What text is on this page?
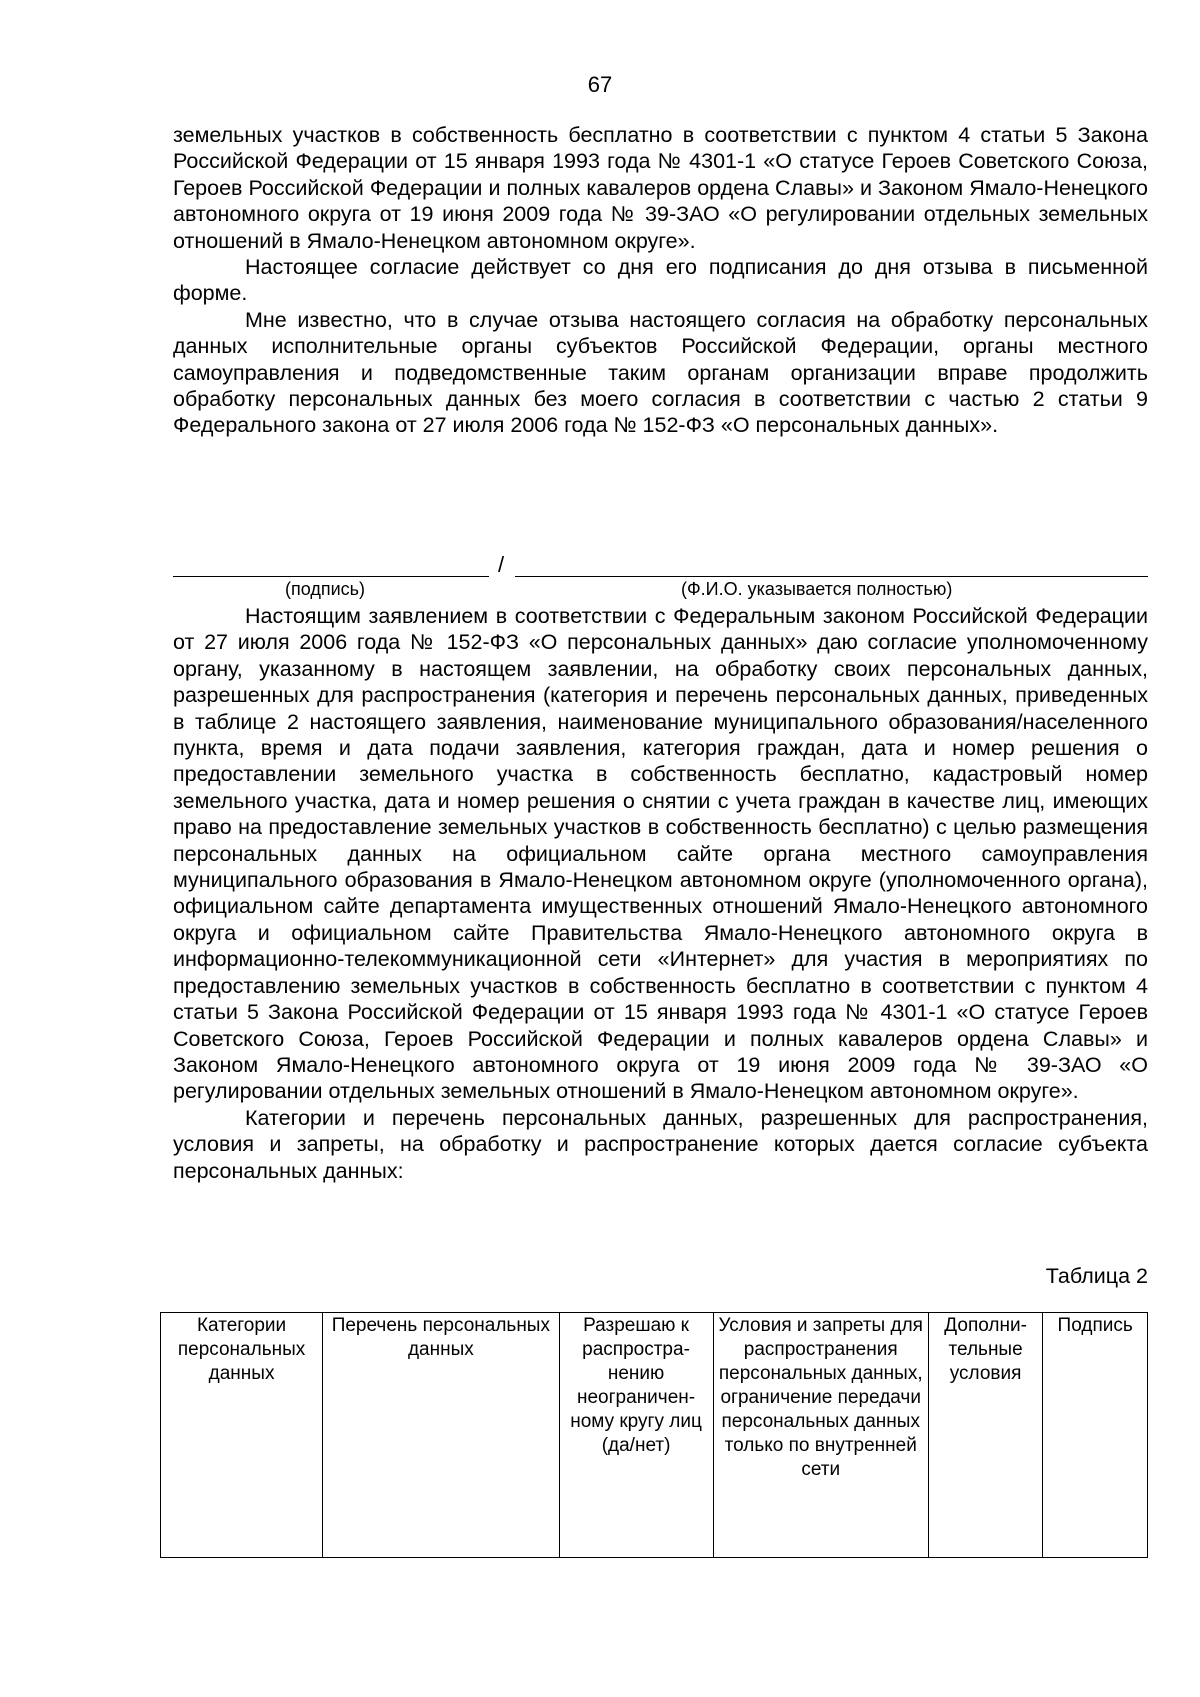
67

земельных участков в собственность бесплатно в соответствии с пунктом 4 статьи 5 Закона Российской Федерации от 15 января 1993 года № 4301-1 «О статусе Героев Советского Союза, Героев Российской Федерации и полных кавалеров ордена Славы» и Законом Ямало-Ненецкого автономного округа от 19 июня 2009 года № 39-ЗАО «О регулировании отдельных земельных отношений в Ямало-Ненецком автономном округе».

Настоящее согласие действует со дня его подписания до дня отзыва в письменной форме.

Мне известно, что в случае отзыва настоящего согласия на обработку персональных данных исполнительные органы субъектов Российской Федерации, органы местного самоуправления и подведомственные таким органам организации вправе продолжить обработку персональных данных без моего согласия в соответствии с частью 2 статьи 9 Федерального закона от 27 июля 2006 года № 152-ФЗ «О персональных данных».

/
(подпись)	(Ф.И.О. указывается полностью)

Настоящим заявлением в соответствии с Федеральным законом Российской Федерации от 27 июля 2006 года № 152-ФЗ «О персональных данных» даю согласие уполномоченному органу, указанному в настоящем заявлении, на обработку своих персональных данных, разрешенных для распространения (категория и перечень персональных данных, приведенных в таблице 2 настоящего заявления, наименование муниципального образования/населенного пункта, время и дата подачи заявления, категория граждан, дата и номер решения о предоставлении земельного участка в собственность бесплатно, кадастровый номер земельного участка, дата и номер решения о снятии с учета граждан в качестве лиц, имеющих право на предоставление земельных участков в собственность бесплатно) с целью размещения персональных данных на официальном сайте органа местного самоуправления муниципального образования в Ямало-Ненецком автономном округе (уполномоченного органа), официальном сайте департамента имущественных отношений Ямало-Ненецкого автономного округа и официальном сайте Правительства Ямало-Ненецкого автономного округа в информационно-телекоммуникационной сети «Интернет» для участия в мероприятиях по предоставлению земельных участков в собственность бесплатно в соответствии с пунктом 4 статьи 5 Закона Российской Федерации от 15 января 1993 года № 4301-1 «О статусе Героев Советского Союза, Героев Российской Федерации и полных кавалеров ордена Славы» и Законом Ямало-Ненецкого автономного округа от 19 июня 2009 года № 39-ЗАО «О регулировании отдельных земельных отношений в Ямало-Ненецком автономном округе».

Категории и перечень персональных данных, разрешенных для распространения, условия и запреты, на обработку и распространение которых дается согласие субъекта персональных данных:

Таблица 2
Категории персональных данных	Перечень персональных данных	Разрешаю к распростра-нению неограничен-ному кругу лиц (да/нет)	Условия и запреты для распространения персональных данных, ограничение передачи персональных данных только по внутренней сети	Дополни-тельные условия	Подпись
